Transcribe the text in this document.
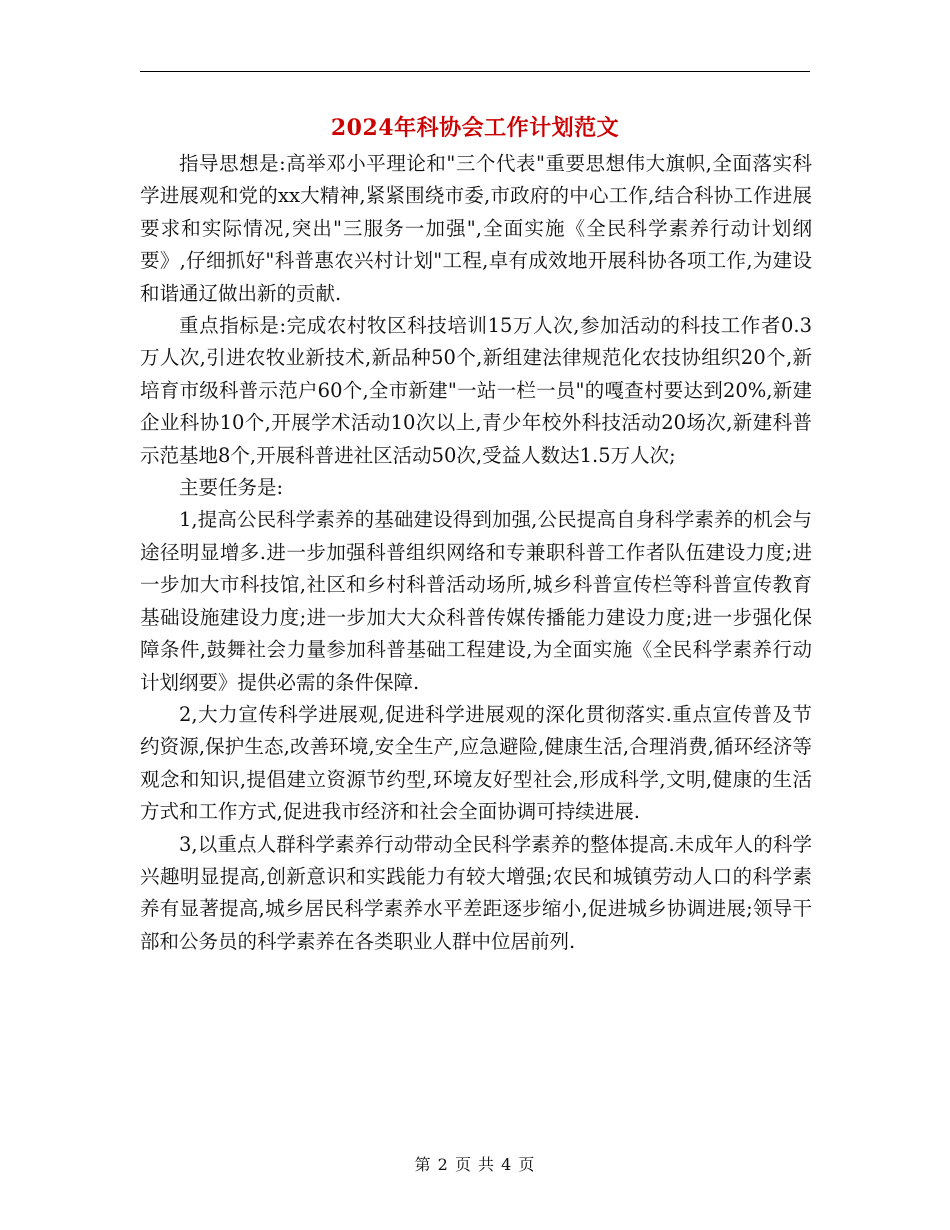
2024年科协会工作计划范文

指导思想是:高举邓小平理论和"三个代表"重要思想伟大旗帜,全面落实科学进展观和党的xx大精神,紧紧围绕市委,市政府的中心工作,结合科协工作进展要求和实际情况,突出"三服务一加强",全面实施《全民科学素养行动计划纲要》,仔细抓好"科普惠农兴村计划"工程,卓有成效地开展科协各项工作,为建设和谐通辽做出新的贡献.

重点指标是:完成农村牧区科技培训15万人次,参加活动的科技工作者0.3万人次,引进农牧业新技术,新品种50个,新组建法律规范化农技协组织20个,新培育市级科普示范户60个,全市新建"一站一栏一员"的嘎查村要达到20%,新建企业科协10个,开展学术活动10次以上,青少年校外科技活动20场次,新建科普示范基地8个,开展科普进社区活动50次,受益人数达1.5万人次;

主要任务是:

1,提高公民科学素养的基础建设得到加强,公民提高自身科学素养的机会与途径明显增多.进一步加强科普组织网络和专兼职科普工作者队伍建设力度;进一步加大市科技馆,社区和乡村科普活动场所,城乡科普宣传栏等科普宣传教育基础设施建设力度;进一步加大大众科普传媒传播能力建设力度;进一步强化保障条件,鼓舞社会力量参加科普基础工程建设,为全面实施《全民科学素养行动计划纲要》提供必需的条件保障.

2,大力宣传科学进展观,促进科学进展观的深化贯彻落实.重点宣传普及节约资源,保护生态,改善环境,安全生产,应急避险,健康生活,合理消费,循环经济等观念和知识,提倡建立资源节约型,环境友好型社会,形成科学,文明,健康的生活方式和工作方式,促进我市经济和社会全面协调可持续进展.

3,以重点人群科学素养行动带动全民科学素养的整体提高.未成年人的科学兴趣明显提高,创新意识和实践能力有较大增强;农民和城镇劳动人口的科学素养有显著提高,城乡居民科学素养水平差距逐步缩小,促进城乡协调进展;领导干部和公务员的科学素养在各类职业人群中位居前列.

第 2 页 共 4 页
